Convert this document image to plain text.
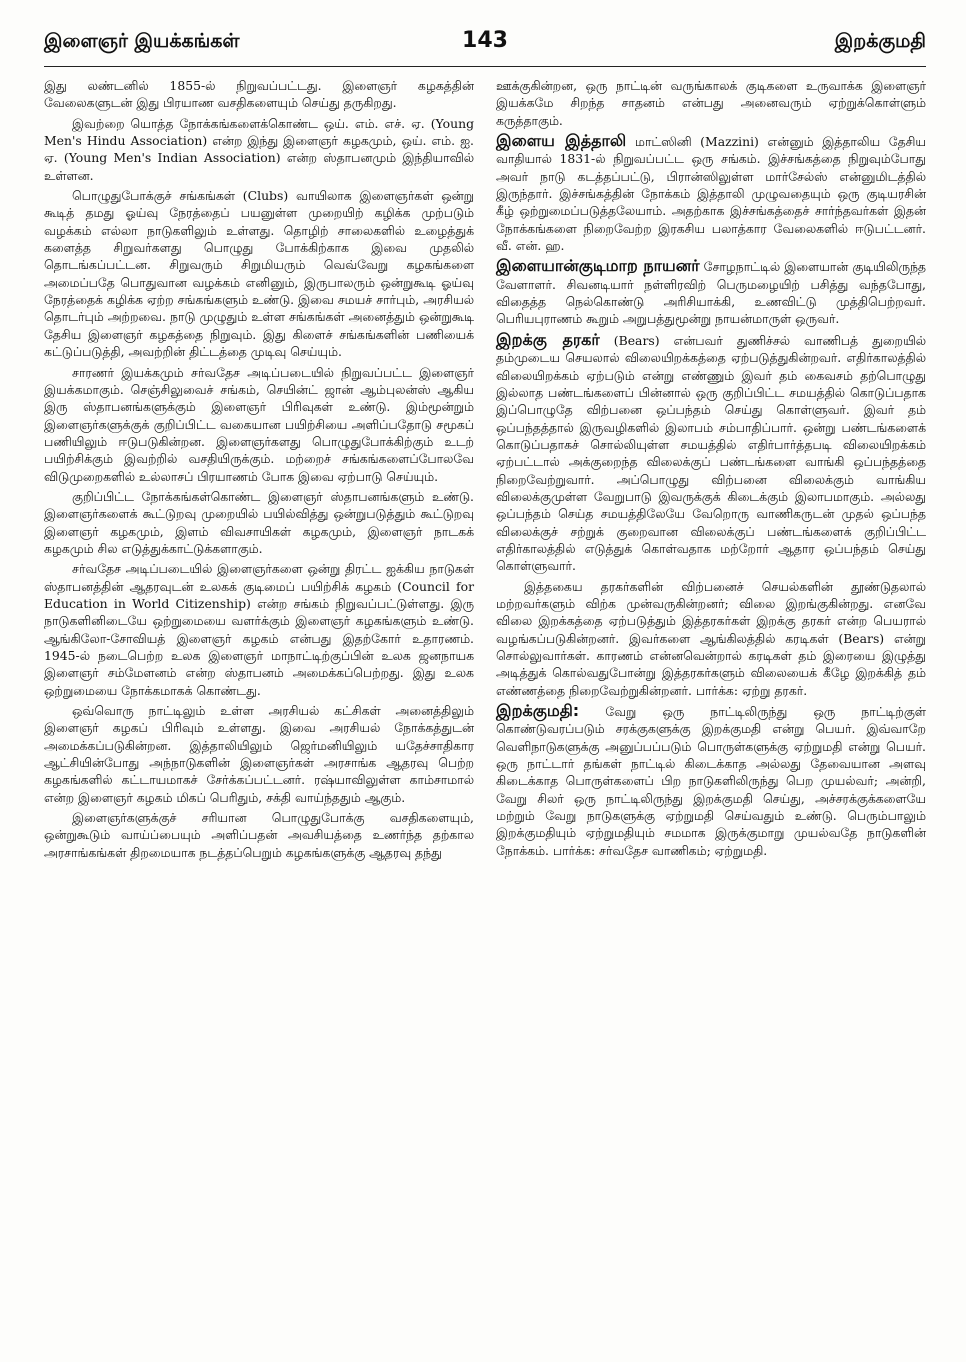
இளைஞர் இயக்கங்கள்	143	இறக்குமதி

இது லண்டனில் 1855-ல் நிறுவப்பட்டது. இளைஞர் கழகத்தின் வேலைகளுடன் இது பிரயாண வசதிகளையும் செய்து தருகிறது.

இவற்றை யொத்த நோக்கங்களைக்கொண்ட ஒய். எம். எச். ஏ. (Young Men's Hindu Association) என்ற இந்து இளைஞர் கழகமும், ஒய். எம். ஐ. ஏ. (Young Men's Indian Association) என்ற ஸ்தாபனமும் இந்தியாவில் உள்ளன.

பொழுதுபோக்குச் சங்கங்கள் (Clubs) வாயிலாக இளைஞர்கள் ஒன்று கூடித் தமது ஓய்வு நேரத்தைப் பயனுள்ள முறையிற் கழிக்க முற்படும் வழக்கம் எல்லா நாடுகளிலும் உள்ளது. தொழிற் சாலைகளில் உழைத்துக் களைத்த சிறுவர்களது பொழுது போக்கிற்காக இவை முதலில் தொடங்கப்பட்டன. சிறுவரும் சிறுமியரும் வெவ்வேறு கழகங்களை அமைப்பதே பொதுவான வழக்கம் எனினும், இருபாலரும் ஒன்றுகூடி ஓய்வு நேரத்தைக் கழிக்க ஏற்ற சங்கங்களும் உண்டு. இவை சமயச் சார்பும், அரசியல் தொடர்பும் அற்றவை. நாடு முழுதும் உள்ள சங்கங்கள் அனைத்தும் ஒன்றுகூடி தேசிய இளைஞர் கழகத்தை நிறுவும். இது கிளைச் சங்கங்களின் பணியைக் கட்டுப்படுத்தி, அவற்றின் திட்டத்தை முடிவு செய்யும்.

சாரணர் இயக்கமும் சர்வதேச அடிப்படையில் நிறுவப்பட்ட இளைஞர் இயக்கமாகும். செஞ்சிலுவைச் சங்கம், செயின்ட் ஜான் ஆம்புலன்ஸ் ஆகிய இரு ஸ்தாபனங்களுக்கும் இளைஞர் பிரிவுகள் உண்டு. இம்மூன்றும் இளைஞர்களுக்குக் குறிப்பிட்ட வகையான பயிற்சியை அளிப்பதோடு சமூகப் பணியிலும் ஈடுபடுகின்றன. இளைஞர்களது பொழுதுபோக்கிற்கும் உடற் பயிற்சிக்கும் இவற்றில் வசதியிருக்கும். மற்றைச் சங்கங்களைப்போலவே விடுமுறைகளில் உல்லாசப் பிரயாணம் போக இவை ஏற்பாடு செய்யும்.

குறிப்பிட்ட நோக்கங்கள்கொண்ட இளைஞர் ஸ்தாபனங்களும் உண்டு. இளைஞர்களைக் கூட்டுறவு முறையில் பயில்வித்து ஒன்றுபடுத்தும் கூட்டுறவு இளைஞர் கழகமும், இளம் விவசாயிகள் கழகமும், இளைஞர் நாடகக் கழகமும் சில எடுத்துக்காட்டுக்களாகும்.

சர்வதேச அடிப்படையில் இளைஞர்களை ஒன்று திரட்ட ஐக்கிய நாடுகள் ஸ்தாபனத்தின் ஆதரவுடன் உலகக் குடிமைப் பயிற்சிக் கழகம் (Council for Education in World Citizenship) என்ற சங்கம் நிறுவப்பட்டுள்ளது. இரு நாடுகளினிடையே ஒற்றுமையை வளர்க்கும் இளைஞர் கழகங்களும் உண்டு. ஆங்கிலோ-சோவியத் இளைஞர் கழகம் என்பது இதற்கோர் உதாரணம். 1945-ல் நடைபெற்ற உலக இளைஞர் மாநாட்டிற்குப்பின் உலக ஜனநாயக இளைஞர் சம்மேளனம் என்ற ஸ்தாபனம் அமைக்கப்பெற்றது. இது உலக ஒற்றுமையை நோக்கமாகக் கொண்டது.

ஒவ்வொரு நாட்டிலும் உள்ள அரசியல் கட்சிகள் அனைத்திலும் இளைஞர் கழகப் பிரிவும் உள்ளது. இவை அரசியல் நோக்கத்துடன் அமைக்கப்படுகின்றன. இத்தாலியிலும் ஜெர்மனியிலும் யதேச்சாதிகார ஆட்சியின்போது அந்நாடுகளின் இளைஞர்கள் அரசாங்க ஆதரவு பெற்ற கழகங்களில் கட்டாயமாகச் சேர்க்கப்பட்டனர். ரஷ்யாவிலுள்ள காம்சாமால் என்ற இளைஞர் கழகம் மிகப் பெரிதும், சக்தி வாய்ந்ததும் ஆகும்.

இளைஞர்களுக்குச் சரியான பொழுதுபோக்கு வசதிகளையும், ஒன்றுகூடும் வாய்ப்பையும் அளிப்பதன் அவசியத்தை உணர்ந்த தற்கால அரசாங்கங்கள் திறமையாக நடத்தப்பெறும் கழகங்களுக்கு ஆதரவு தந்து

ஊக்குகின்றன, ஒரு நாட்டின் வருங்காலக் குடிகளை உருவாக்க இளைஞர் இயக்கமே சிறந்த சாதனம் என்பது அனைவரும் ஏற்றுக்கொள்ளும் கருத்தாகும்.

இளைய இத்தாலி மாட்ஸினி (Mazzini) என்னும் இத்தாலிய தேசிய வாதியால் 1831-ல் நிறுவப்பட்ட ஒரு சங்கம். இச்சங்கத்தை நிறுவும்போது அவர் நாடு கடத்தப்பட்டு, பிரான்ஸிலுள்ள மார்சேல்ஸ் என்னுமிடத்தில் இருந்தார். இச்சங்கத்தின் நோக்கம் இத்தாலி முழுவதையும் ஒரு குடியரசின் கீழ் ஒற்றுமைப்படுத்தலேயாம். அதற்காக இச்சங்கத்தைச் சார்ந்தவர்கள் இதன் நோக்கங்களை நிறைவேற்ற இரகசிய பலாத்கார வேலைகளில் ஈடுபட்டனர். வீ. என். ஹ.

இளையான்குடிமாற நாயனர் சோழநாட்டில் இளையான் குடியிலிருந்த வேளாளர். சிவனடியார் நள்ளிரவிற் பெருமழையிற் பசித்து வந்தபோது, விதைத்த நெல்கொண்டு அரிசியாக்கி, உணவிட்டு முத்திபெற்றவர். பெரியபுராணம் கூறும் அறுபத்துமூன்று நாயன்மாருள் ஒருவர்.

இறக்கு தரகர் (Bears) என்பவர் துணிச்சல் வாணிபத் துறையில் தம்முடைய செயலால் விலையிறக்கத்தை ஏற்படுத்துகின்றவர். எதிர்காலத்தில் விலையிறக்கம் ஏற்படும் என்று எண்ணும் இவர் தம் கைவசம் தற்பொழுது இல்லாத பண்டங்களைப் பின்னால் ஒரு குறிப்பிட்ட சமயத்தில் கொடுப்பதாக இப்பொழுதே விற்பனை ஒப்பந்தம் செய்து கொள்ளுவர். இவர் தம் ஒப்பந்தத்தால் இருவழிகளில் இலாபம் சம்பாதிப்பார். ஒன்று பண்டங்களைக் கொடுப்பதாகச் சொல்லியுள்ள சமயத்தில் எதிர்பார்த்தபடி விலையிறக்கம் ஏற்பட்டால் அக்குறைந்த விலைக்குப் பண்டங்களை வாங்கி ஒப்பந்தத்தை நிறைவேற்றுவார். அப்பொழுது விற்பனை விலைக்கும் வாங்கிய விலைக்குமுள்ள வேறுபாடு இவருக்குக் கிடைக்கும் இலாபமாகும். அல்லது ஒப்பந்தம் செய்த சமயத்திலேயே வேறொரு வாணிகருடன் முதல் ஒப்பந்த விலைக்குச் சற்றுக் குறைவான விலைக்குப் பண்டங்களைக் குறிப்பிட்ட எதிர்காலத்தில் எடுத்துக் கொள்வதாக மற்றோர் ஆதார ஒப்பந்தம் செய்து கொள்ளுவார்.

இத்தகைய தரகர்களின் விற்பனைச் செயல்களின் தூண்டுதலால் மற்றவர்களும் விற்க முன்வருகின்றனர்; விலை இறங்குகின்றது. எனவே விலை இறக்கத்தை ஏற்படுத்தும் இத்தரகர்கள் இறக்கு தரகர் என்ற பெயரால் வழங்கப்படுகின்றனர். இவர்களை ஆங்கிலத்தில் கரடிகள் (Bears) என்று சொல்லுவார்கள். காரணம் என்னவென்றால் கரடிகள் தம் இரையை இழுத்து அடித்துக் கொல்வதுபோன்று இத்தரகர்களும் விலையைக் கீழே இறக்கித் தம் எண்ணத்தை நிறைவேற்றுகின்றனர். பார்க்க: ஏற்று தரகர்.

இறக்குமதி: வேறு ஒரு நாட்டிலிருந்து ஒரு நாட்டிற்குள் கொண்டுவரப்படும் சரக்குகளுக்கு இறக்குமதி என்று பெயர். இவ்வாறே வெளிநாடுகளுக்கு அனுப்பப்படும் பொருள்களுக்கு ஏற்றுமதி என்று பெயர். ஒரு நாட்டார் தங்கள் நாட்டில் கிடைக்காத அல்லது தேவையான அளவு கிடைக்காத பொருள்களைப் பிற நாடுகளிலிருந்து பெற முயல்வர்; அன்றி, வேறு சிலர் ஒரு நாட்டிலிருந்து இறக்குமதி செய்து, அச்சரக்குக்களையே மற்றும் வேறு நாடுகளுக்கு ஏற்றுமதி செய்வதும் உண்டு. பெரும்பாலும் இறக்குமதியும் ஏற்றுமதியும் சமமாக இருக்குமாறு முயல்வதே நாடுகளின் நோக்கம். பார்க்க: சர்வதேச வாணிகம்; ஏற்றுமதி.
